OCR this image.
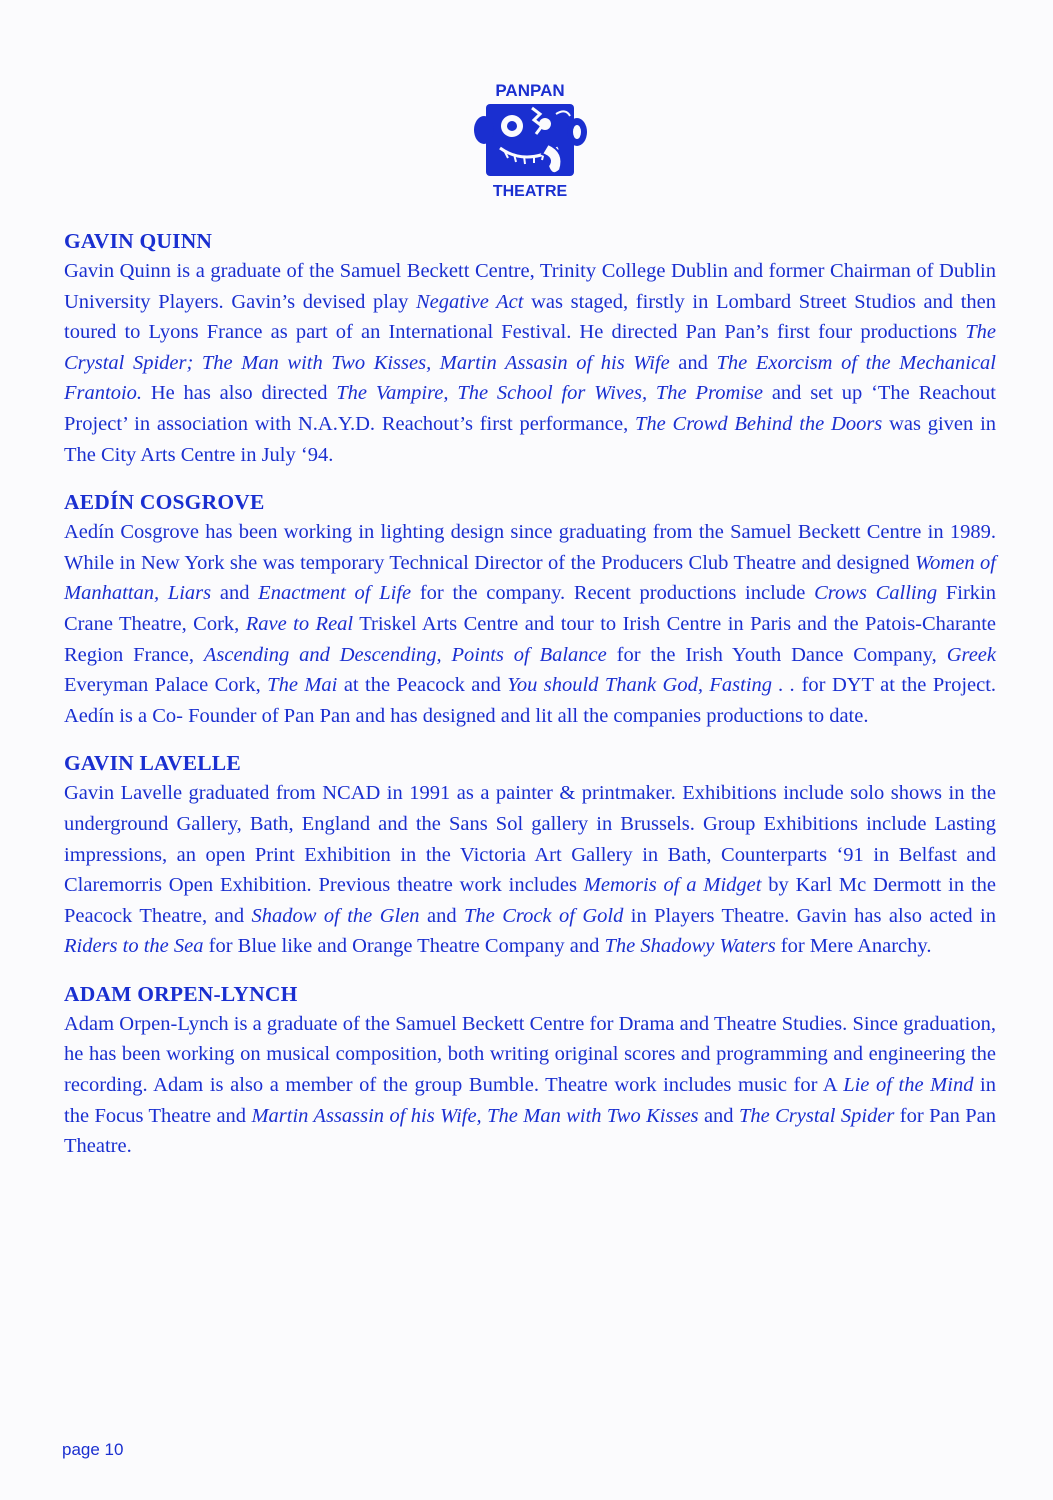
PANPAN
THEATRE
GAVIN QUINN

Gavin Quinn is a graduate of the Samuel Beckett Centre, Trinity College Dublin and former Chairman of Dublin University Players. Gavin’s devised play Negative Act was staged, firstly in Lombard Street Studios and then toured to Lyons France as part of an International Festival. He directed Pan Pan’s first four productions The Crystal Spider; The Man with Two Kisses, Martin Assasin of his Wife and The Exorcism of the Mechanical Frantoio. He has also directed The Vampire, The School for Wives, The Promise and set up ‘The Reachout Project’ in association with N.A.Y.D. Reachout’s first performance, The Crowd Behind the Doors was given in The City Arts Centre in July ‘94.

AEDÍN COSGROVE

Aedín Cosgrove has been working in lighting design since graduating from the Samuel Beckett Centre in 1989. While in New York she was temporary Technical Director of the Producers Club Theatre and designed Women of Manhattan, Liars and Enactment of Life for the company. Recent productions include Crows Calling Firkin Crane Theatre, Cork, Rave to Real Triskel Arts Centre and tour to Irish Centre in Paris and the Patois-Charante Region France, Ascending and Descending, Points of Balance for the Irish Youth Dance Company, Greek Everyman Palace Cork, The Mai at the Peacock and You should Thank God, Fasting . . for DYT at the Project. Aedín is a Co- Founder of Pan Pan and has designed and lit all the companies productions to date.

GAVIN LAVELLE

Gavin Lavelle graduated from NCAD in 1991 as a painter & printmaker. Exhibitions include solo shows in the underground Gallery, Bath, England and the Sans Sol gallery in Brussels. Group Exhibitions include Lasting impressions, an open Print Exhibition in the Victoria Art Gallery in Bath, Counterparts ‘91 in Belfast and Claremorris Open Exhibition. Previous theatre work includes Memoris of a Midget by Karl Mc Dermott in the Peacock Theatre, and Shadow of the Glen and The Crock of Gold in Players Theatre. Gavin has also acted in Riders to the Sea for Blue like and Orange Theatre Company and The Shadowy Waters for Mere Anarchy.

ADAM ORPEN-LYNCH

Adam Orpen-Lynch is a graduate of the Samuel Beckett Centre for Drama and Theatre Studies. Since graduation, he has been working on musical composition, both writing original scores and programming and engineering the recording. Adam is also a member of the group Bumble. Theatre work includes music for A Lie of the Mind in the Focus Theatre and Martin Assassin of his Wife, The Man with Two Kisses and The Crystal Spider for Pan Pan Theatre.

page 10
